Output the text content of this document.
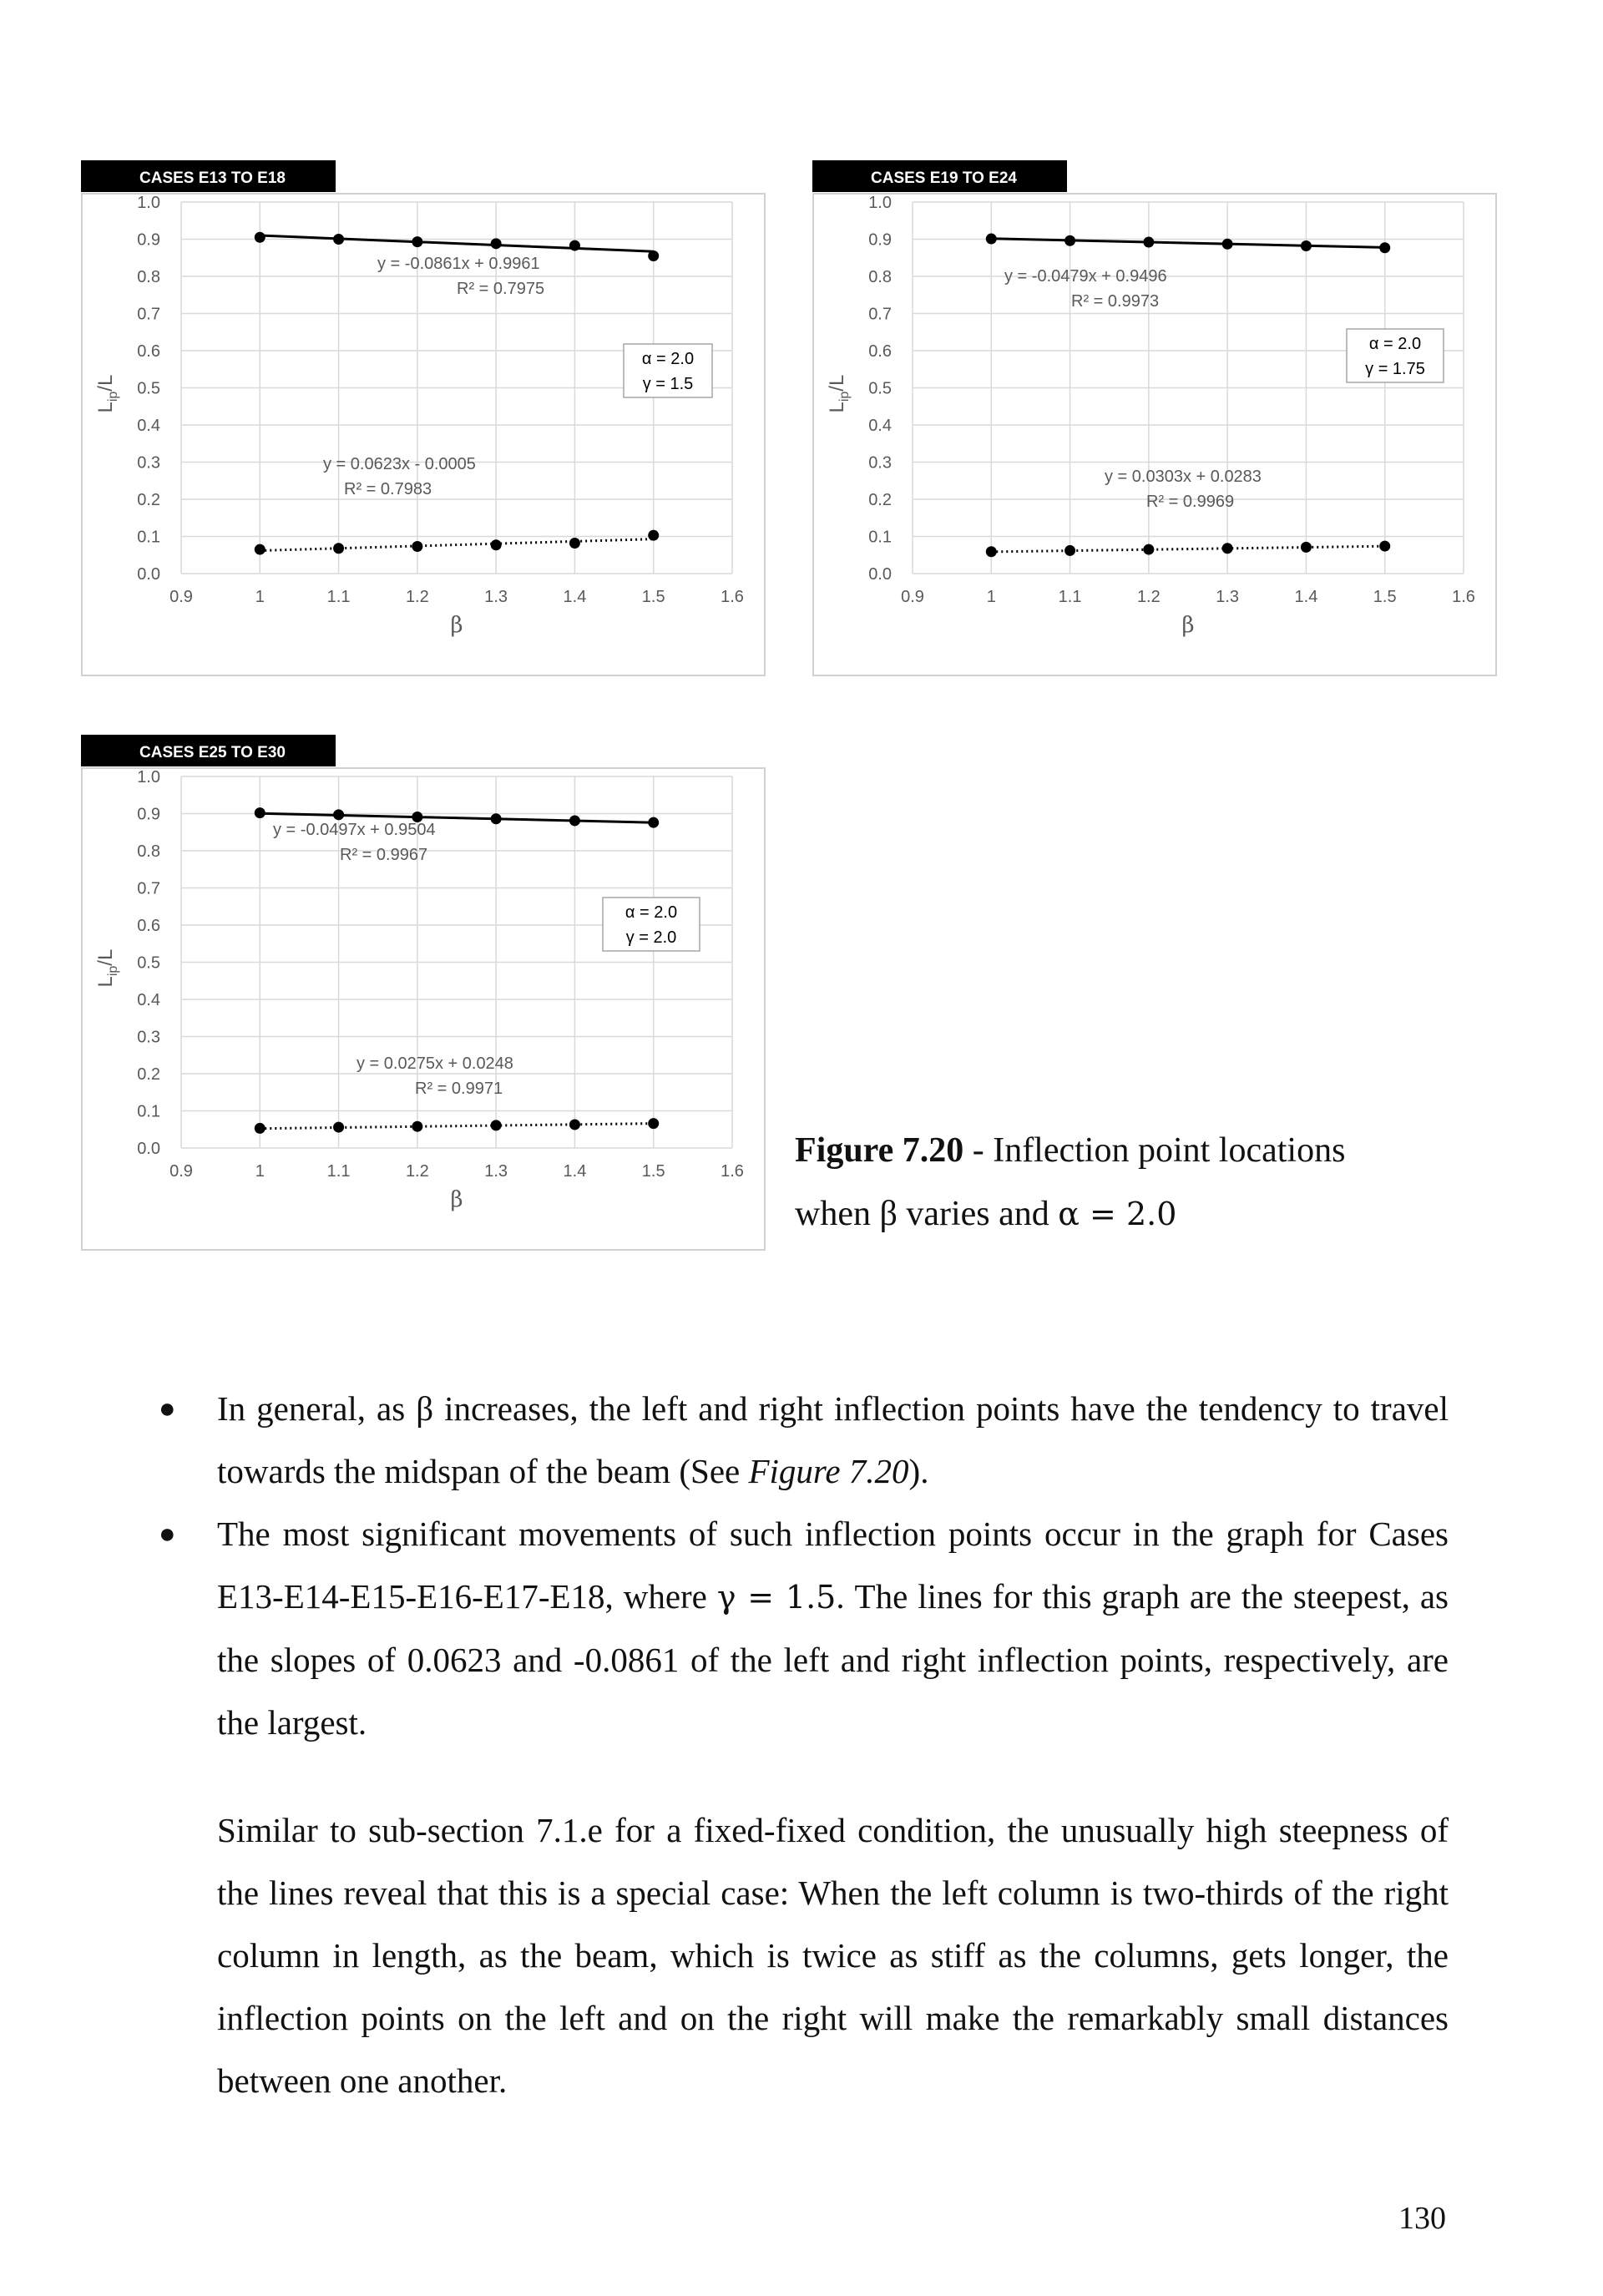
CASES E13 TO E18
0.0
0.1
0.2
0.3
0.4
0.5
0.6
0.7
0.8
0.9
1.0
0.9	1	1.1	1.2	1.3	1.4	1.5	1.6
β
$L_{ip}/L$
y = -0.0861x + 0.9961
R² = 0.7975
y = 0.0623x - 0.0005
R² = 0.7983
α = 2.0
γ = 1.5
CASES E19 TO E24
0.0
0.1
0.2
0.3
0.4
0.5
0.6
0.7
0.8
0.9
1.0
0.9	1	1.1	1.2	1.3	1.4	1.5	1.6
β
$L_{ip}/L$
y = -0.0479x + 0.9496
R² = 0.9973
y = 0.0303x + 0.0283
R² = 0.9969
α = 2.0
γ = 1.75
CASES E25 TO E30
0.0
0.1
0.2
0.3
0.4
0.5
0.6
0.7
0.8
0.9
1.0
0.9	1	1.1	1.2	1.3	1.4	1.5	1.6
β
$L_{ip}/L$
y = -0.0497x + 0.9504
R² = 0.9967
y = 0.0275x + 0.0248
R² = 0.9971
α = 2.0
γ = 2.0
Figure 7.20 - Inflection point locations
when β varies and α = 2.0
● In general, as β increases, the left and right inflection points have the tendency to travel towards the midspan of the beam (See Figure 7.20).
● The most significant movements of such inflection points occur in the graph for Cases E13-E14-E15-E16-E17-E18, where γ = 1.5. The lines for this graph are the steepest, as the slopes of 0.0623 and -0.0861 of the left and right inflection points, respectively, are the largest.

Similar to sub-section 7.1.e for a fixed-fixed condition, the unusually high steepness of the lines reveal that this is a special case: When the left column is two-thirds of the right column in length, as the beam, which is twice as stiff as the columns, gets longer, the inflection points on the left and on the right will make the remarkably small distances between one another.

130
